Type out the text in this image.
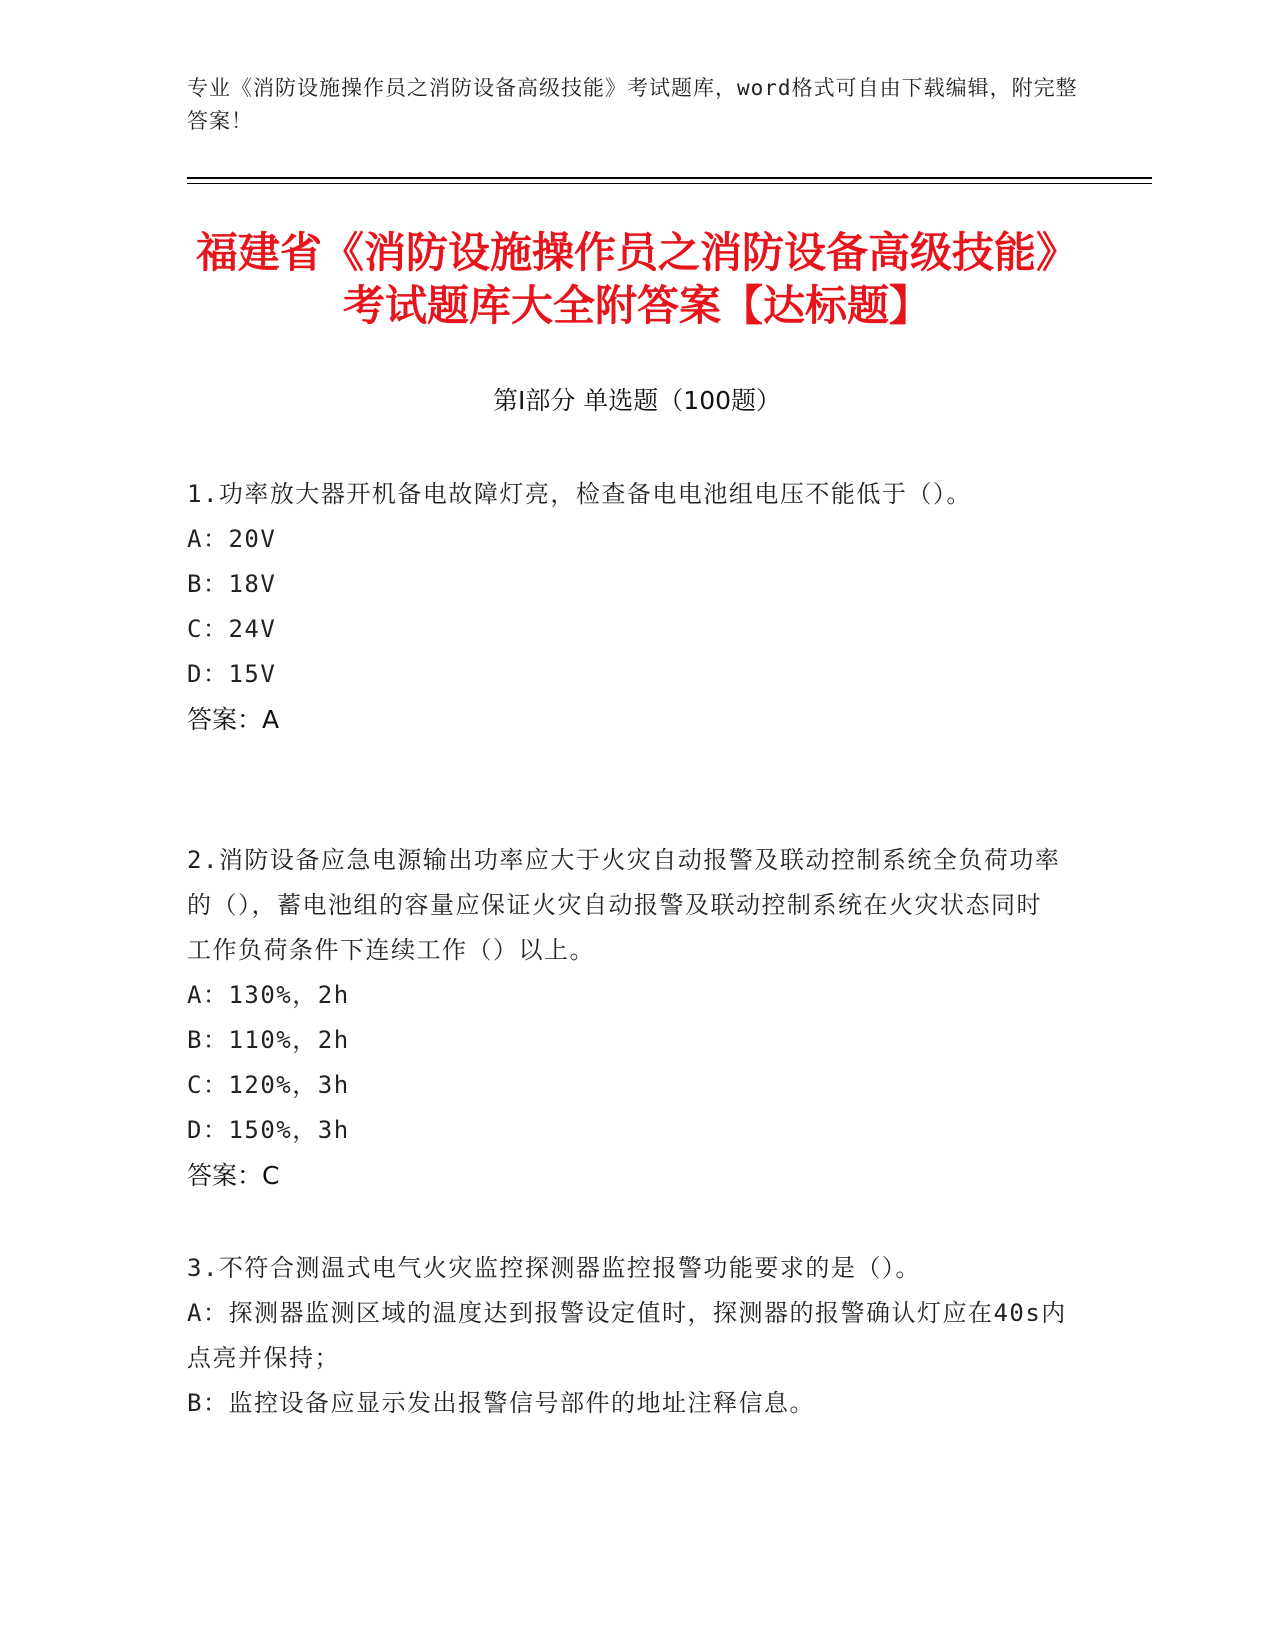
专业《消防设施操作员之消防设备高级技能》考试题库，word格式可自由下载编辑，附完整答案！
福建省《消防设施操作员之消防设备高级技能》考试题库大全附答案【达标题】
第I部分 单选题（100题）
1.功率放大器开机备电故障灯亮，检查备电电池组电压不能低于（）。
A：20V
B：18V
C：24V
D：15V
答案：A
2.消防设备应急电源输出功率应大于火灾自动报警及联动控制系统全负荷功率的（），蓄电池组的容量应保证火灾自动报警及联动控制系统在火灾状态同时工作负荷条件下连续工作（）以上。
A：130%，2h
B：110%，2h
C：120%，3h
D：150%，3h
答案：C
3.不符合测温式电气火灾监控探测器监控报警功能要求的是（）。
A：探测器监测区域的温度达到报警设定值时，探测器的报警确认灯应在40s内点亮并保持；
B：监控设备应显示发出报警信号部件的地址注释信息。
